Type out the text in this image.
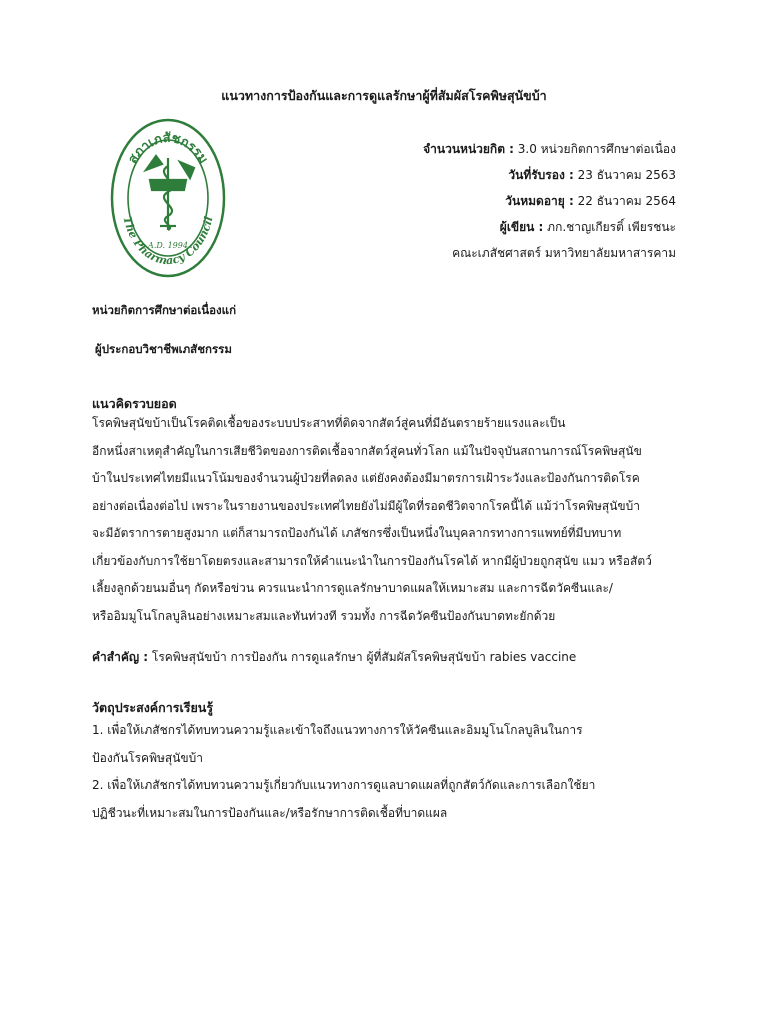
แนวทางการป้องกันและการดูแลรักษาผู้ที่สัมผัสโรคพิษสุนัขบ้า
สภาเภสัชกรรม
The Pharmacy Council
A.D. 1994
จำนวนหน่วยกิต : 3.0 หน่วยกิตการศึกษาต่อเนื่อง
วันที่รับรอง : 23 ธันวาคม 2563
วันหมดอายุ : 22 ธันวาคม 2564
ผู้เขียน : ภก.ชาญเกียรติ์ เพียรชนะ
คณะเภสัชศาสตร์ มหาวิทยาลัยมหาสารคาม
หน่วยกิตการศึกษาต่อเนื่องแก่
ผู้ประกอบวิชาชีพเภสัชกรรม
แนวคิดรวบยอด
โรคพิษสุนัขบ้าเป็นโรคติดเชื้อของระบบประสาทที่ติดจากสัตว์สู่คนที่มีอันตรายร้ายแรงและเป็น
อีกหนึ่งสาเหตุสำคัญในการเสียชีวิตของการติดเชื้อจากสัตว์สู่คนทั่วโลก แม้ในปัจจุบันสถานการณ์โรคพิษสุนัข
บ้าในประเทศไทยมีแนวโน้มของจำนวนผู้ป่วยที่ลดลง แต่ยังคงต้องมีมาตรการเฝ้าระวังและป้องกันการติดโรค
อย่างต่อเนื่องต่อไป เพราะในรายงานของประเทศไทยยังไม่มีผู้ใดที่รอดชีวิตจากโรคนี้ได้ แม้ว่าโรคพิษสุนัขบ้า
จะมีอัตราการตายสูงมาก แต่ก็สามารถป้องกันได้ เภสัชกรซึ่งเป็นหนึ่งในบุคลากรทางการแพทย์ที่มีบทบาท
เกี่ยวข้องกับการใช้ยาโดยตรงและสามารถให้คำแนะนำในการป้องกันโรคได้ หากมีผู้ป่วยถูกสุนัข แมว หรือสัตว์
เลี้ยงลูกด้วยนมอื่นๆ กัดหรือข่วน ควรแนะนำการดูแลรักษาบาดแผลให้เหมาะสม และการฉีดวัคซีนและ/
หรืออิมมูโนโกลบูลินอย่างเหมาะสมและทันท่วงที รวมทั้ง การฉีดวัคซีนป้องกันบาดทะยักด้วย
คำสำคัญ : โรคพิษสุนัขบ้า การป้องกัน การดูแลรักษา ผู้ที่สัมผัสโรคพิษสุนัขบ้า rabies vaccine
วัตถุประสงค์การเรียนรู้
1. เพื่อให้เภสัชกรได้ทบทวนความรู้และเข้าใจถึงแนวทางการให้วัคซีนและอิมมูโนโกลบูลินในการ
ป้องกันโรคพิษสุนัขบ้า
2. เพื่อให้เภสัชกรได้ทบทวนความรู้เกี่ยวกับแนวทางการดูแลบาดแผลที่ถูกสัตว์กัดและการเลือกใช้ยา
ปฏิชีวนะที่เหมาะสมในการป้องกันและ/หรือรักษาการติดเชื้อที่บาดแผล
